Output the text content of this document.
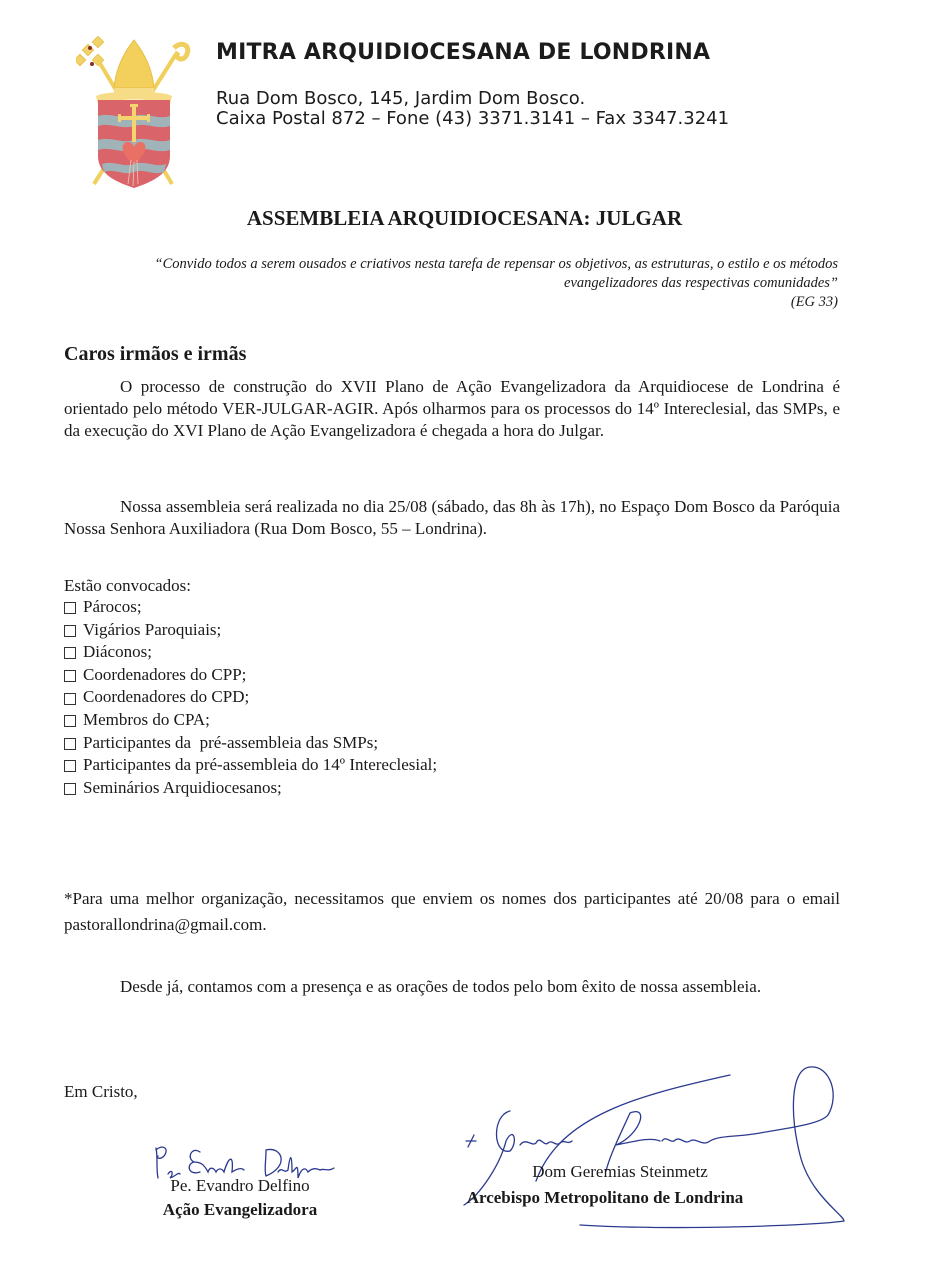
MITRA ARQUIDIOCESANA DE LONDRINA
Rua Dom Bosco, 145, Jardim Dom Bosco.
Caixa Postal 872 – Fone (43) 3371.3141 – Fax 3347.3241
ASSEMBLEIA ARQUIDIOCESANA: JULGAR
“Convido todos a serem ousados e criativos nesta tarefa de repensar os objetivos, as estruturas, o estilo e os métodos evangelizadores das respectivas comunidades”
(EG 33)
Caros irmãos e irmãs
O processo de construção do XVII Plano de Ação Evangelizadora da Arquidiocese de Londrina é orientado pelo método VER-JULGAR-AGIR. Após olharmos para os processos do 14º Intereclesial, das SMPs, e da execução do XVI Plano de Ação Evangelizadora é chegada a hora do Julgar.
Nossa assembleia será realizada no dia 25/08 (sábado, das 8h às 17h), no Espaço Dom Bosco da Paróquia Nossa Senhora Auxiliadora (Rua Dom Bosco, 55 – Londrina).
Estão convocados:
Párocos;
Vigários Paroquiais;
Diáconos;
Coordenadores do CPP;
Coordenadores do CPD;
Membros do CPA;
Participantes da  pré-assembleia das SMPs;
Participantes da pré-assembleia do 14º Intereclesial;
Seminários Arquidiocesanos;
*Para uma melhor organização, necessitamos que enviem os nomes dos participantes até 20/08 para o email pastorallondrina@gmail.com.
Desde já, contamos com a presença e as orações de todos pelo bom êxito de nossa assembleia.
Em Cristo,
Pe. Evandro Delfino
Ação Evangelizadora
Dom Geremias Steinmetz
Arcebispo Metropolitano de Londrina
